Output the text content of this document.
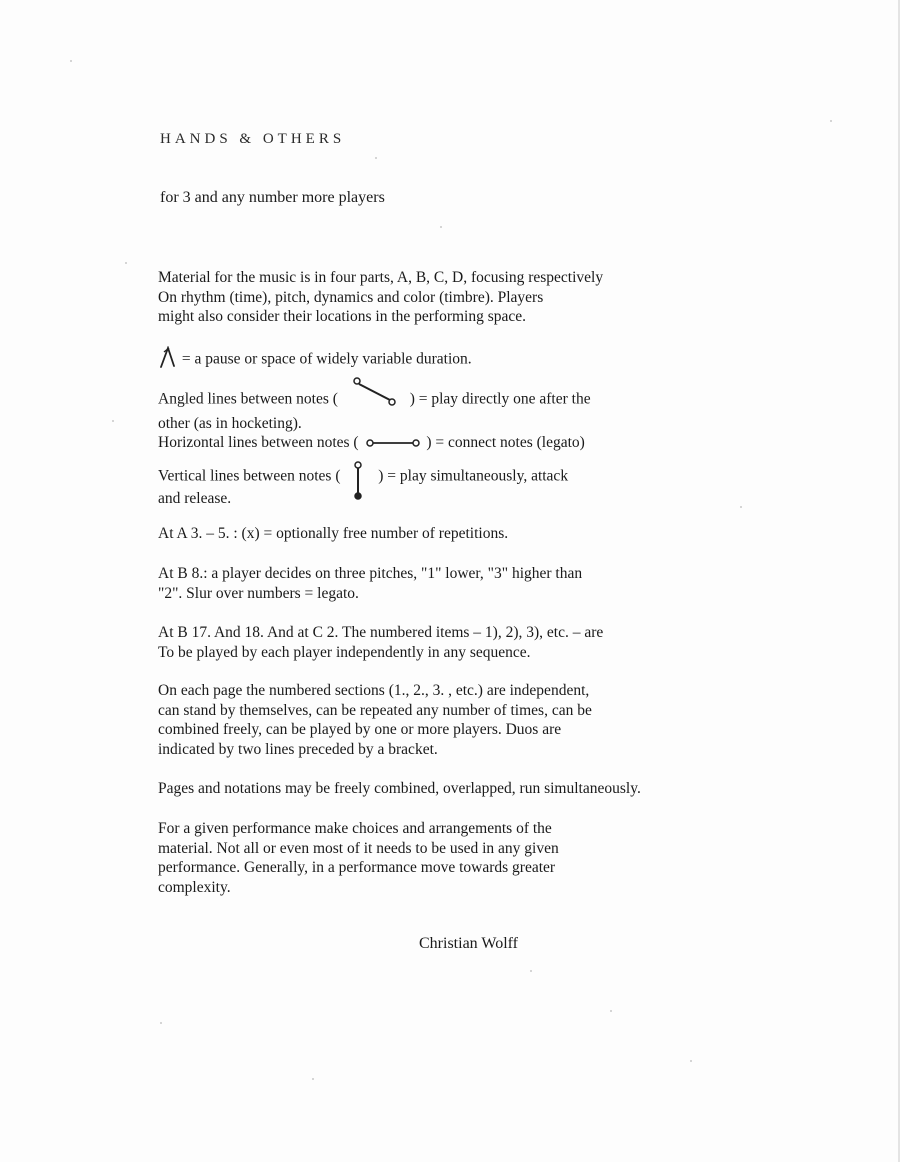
HANDS & OTHERS
for 3 and any number more players
Material for the music is in four parts, A, B, C, D, focusing respectively
On rhythm (time), pitch, dynamics and color (timbre). Players
might also consider their locations in the performing space.
= a pause or space of widely variable duration.
Angled lines between notes (	) = play directly one after the
other (as in hocketing).
Horizontal lines between notes (	) = connect notes (legato)
Vertical lines between notes ( ) = play simultaneously, attack
and release.
At A 3. – 5. : (x) = optionally free number of repetitions.
At B 8.: a player decides on three pitches, "1" lower, "3" higher than
"2". Slur over numbers = legato.
At B 17. And 18. And at C 2. The numbered items – 1), 2), 3), etc. – are
To be played by each player independently in any sequence.
On each page the numbered sections (1., 2., 3. , etc.) are independent,
can stand by themselves, can be repeated any number of times, can be
combined freely, can be played by one or more players. Duos are
indicated by two lines preceded by a bracket.
Pages and notations may be freely combined, overlapped, run simultaneously.
For a given performance make choices and arrangements of the
material. Not all or even most of it needs to be used in any given
performance. Generally, in a performance move towards greater
complexity.
Christian Wolff
